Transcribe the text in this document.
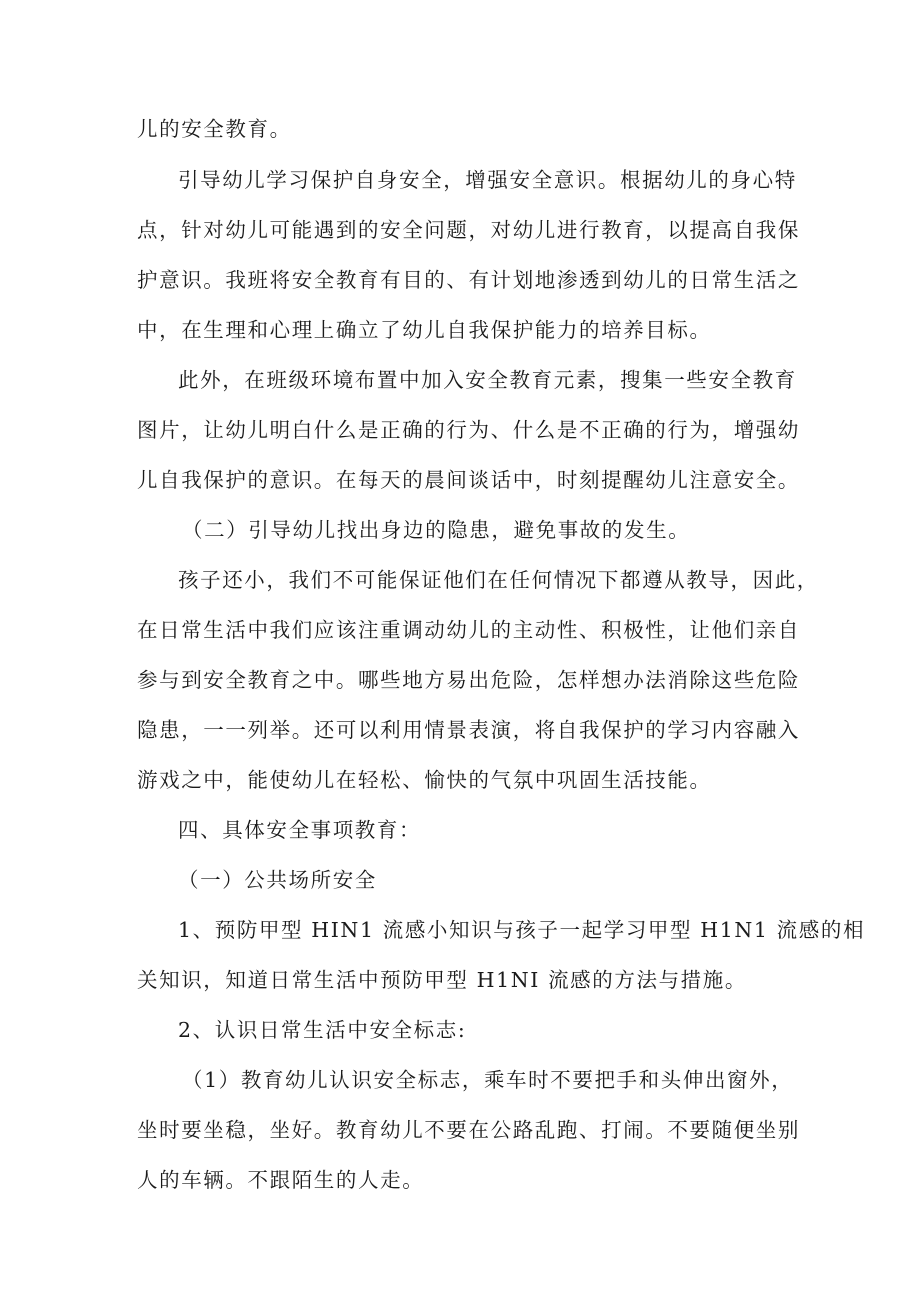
儿的安全教育。
引导幼儿学习保护自身安全，增强安全意识。根据幼儿的身心特
点，针对幼儿可能遇到的安全问题，对幼儿进行教育，以提高自我保
护意识。我班将安全教育有目的、有计划地渗透到幼儿的日常生活之
中，在生理和心理上确立了幼儿自我保护能力的培养目标。
此外，在班级环境布置中加入安全教育元素，搜集一些安全教育
图片，让幼儿明白什么是正确的行为、什么是不正确的行为，增强幼
儿自我保护的意识。在每天的晨间谈话中，时刻提醒幼儿注意安全。
（二）引导幼儿找出身边的隐患，避免事故的发生。
孩子还小，我们不可能保证他们在任何情况下都遵从教导，因此，
在日常生活中我们应该注重调动幼儿的主动性、积极性，让他们亲自
参与到安全教育之中。哪些地方易出危险，怎样想办法消除这些危险
隐患，一一列举。还可以利用情景表演，将自我保护的学习内容融入
游戏之中，能使幼儿在轻松、愉快的气氛中巩固生活技能。
四、具体安全事项教育：
（一）公共场所安全
1、预防甲型 HIN1 流感小知识与孩子一起学习甲型 H1N1 流感的相
关知识，知道日常生活中预防甲型 H1NI 流感的方法与措施。
2、认识日常生活中安全标志:
（1）教育幼儿认识安全标志，乘车时不要把手和头伸出窗外，
坐时要坐稳，坐好。教育幼儿不要在公路乱跑、打闹。不要随便坐别
人的车辆。不跟陌生的人走。
